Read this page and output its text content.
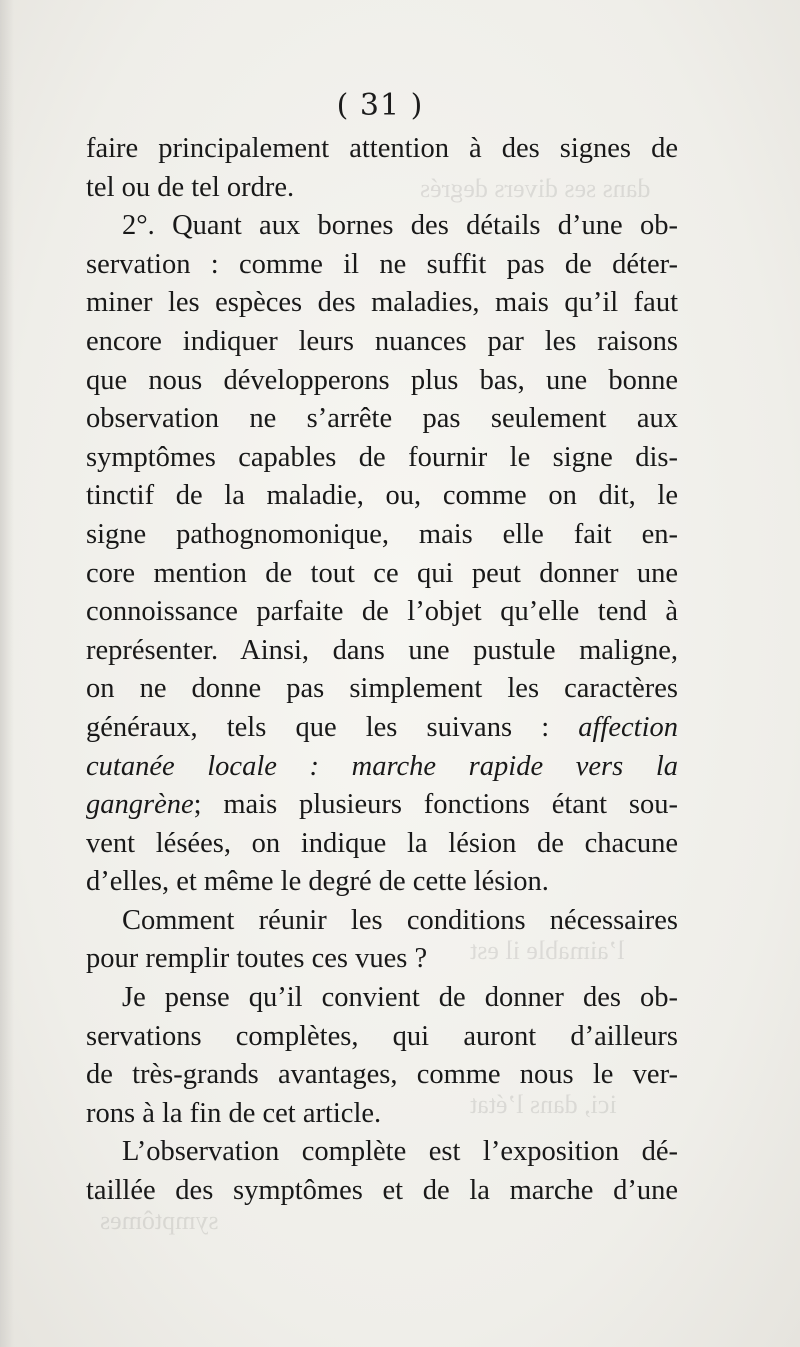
dans ses divers degrés
l’aimable il est
ici, dans l’état
symptômes
( 31 )
faire principalement attention à des signes de
tel ou de tel ordre.
2°. Quant aux bornes des détails d’une ob-
servation : comme il ne suffit pas de déter-
miner les espèces des maladies, mais qu’il faut
encore indiquer leurs nuances par les raisons
que nous développerons plus bas, une bonne
observation ne s’arrête pas seulement aux
symptômes capables de fournir le signe dis-
tinctif de la maladie, ou, comme on dit, le
signe pathognomonique, mais elle fait en-
core mention de tout ce qui peut donner une
connoissance parfaite de l’objet qu’elle tend à
représenter. Ainsi, dans une pustule maligne,
on ne donne pas simplement les caractères
généraux, tels que les suivans : affection
cutanée locale : marche rapide vers la
gangrène; mais plusieurs fonctions étant sou-
vent lésées, on indique la lésion de chacune
d’elles, et même le degré de cette lésion.
Comment réunir les conditions nécessaires
pour remplir toutes ces vues ?
Je pense qu’il convient de donner des ob-
servations complètes, qui auront d’ailleurs
de très-grands avantages, comme nous le ver-
rons à la fin de cet article.
L’observation complète est l’exposition dé-
taillée des symptômes et de la marche d’une
